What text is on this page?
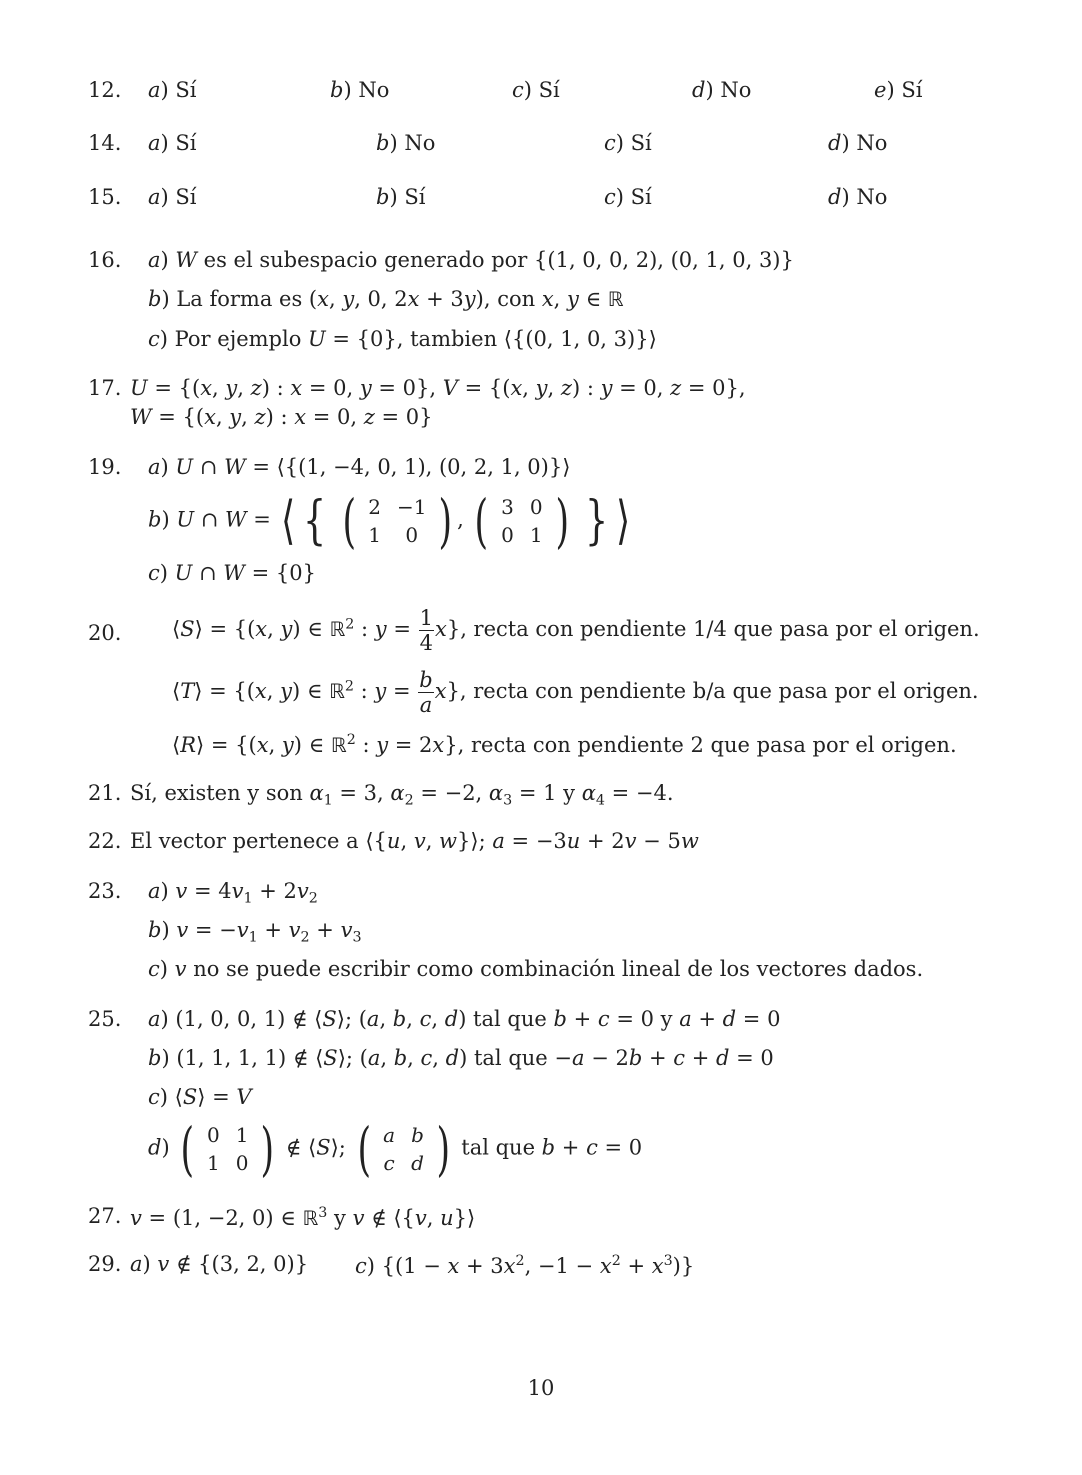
12. a) Sí	b) No	c) Sí	d) No	e) Sí
14. a) Sí	b) No	c) Sí	d) No
15. a) Sí	b) Sí	c) Sí	d) No
16. a) W es el subespacio generado por {(1, 0, 0, 2), (0, 1, 0, 3)}
b) La forma es (x, y, 0, 2x + 3y), con x, y ∈ ℝ
c) Por ejemplo U = {0}, tambien ⟨{(0, 1, 0, 3)}⟩
17. U = {(x, y, z) : x = 0, y = 0}, V = {(x, y, z) : y = 0, z = 0},
W = {(x, y, z) : x = 0, z = 0}
19. a) U ∩ W = ⟨{(1, −4, 0, 1), (0, 2, 1, 0)}⟩
c) U ∩ W = {0}
21. Sí, existen y son $\alpha_1 = 3$, $\alpha_2 = -2$, $\alpha_3 = 1$ y $\alpha_4 = -4$.
22. El vector pertenece a ⟨{u, v, w}⟩; a = −3u + 2v − 5w
23. a) $v = 4v_1 + 2v_2$
b) $v = -v_1 + v_2 + v_3$
c) v no se puede escribir como combinación lineal de los vectores dados.
25. a) (1, 0, 0, 1) ∉ ⟨S⟩; (a, b, c, d) tal que b + c = 0 y a + d = 0
b) (1, 1, 1, 1) ∉ ⟨S⟩; (a, b, c, d) tal que −a − 2b + c + d = 0
c) ⟨S⟩ = V
27. v = (1, −2, 0) ∈ ℝ$^3$ y v ∉ ⟨{v, u}⟩
29. a) v ∉ {(3, 2, 0)} c) {($1 - x + 3x^2$, $-1 - x^2 + x^3$)}
b) U ∩ W = ⟨ { ( 2	−1
1	0 ) , ( 3	0
0	1 ) } ⟩
20. ⟨S⟩ = {(x, y) ∈ ℝ$^2$ : $y = \frac{1}{4} x$}, recta con pendiente 1/4 que pasa por el origen.
⟨T⟩ = {(x, y) ∈ ℝ$^2$ : $y = \frac{b}{a} x$}, recta con pendiente b/a que pasa por el origen.
⟨R⟩ = {(x, y) ∈ ℝ$^2$ : y = 2x}, recta con pendiente 2 que pasa por el origen.
d) ( 0	1
1	0 ) ∉ ⟨S⟩; ( a	b
c	d ) tal que b + c = 0
10
